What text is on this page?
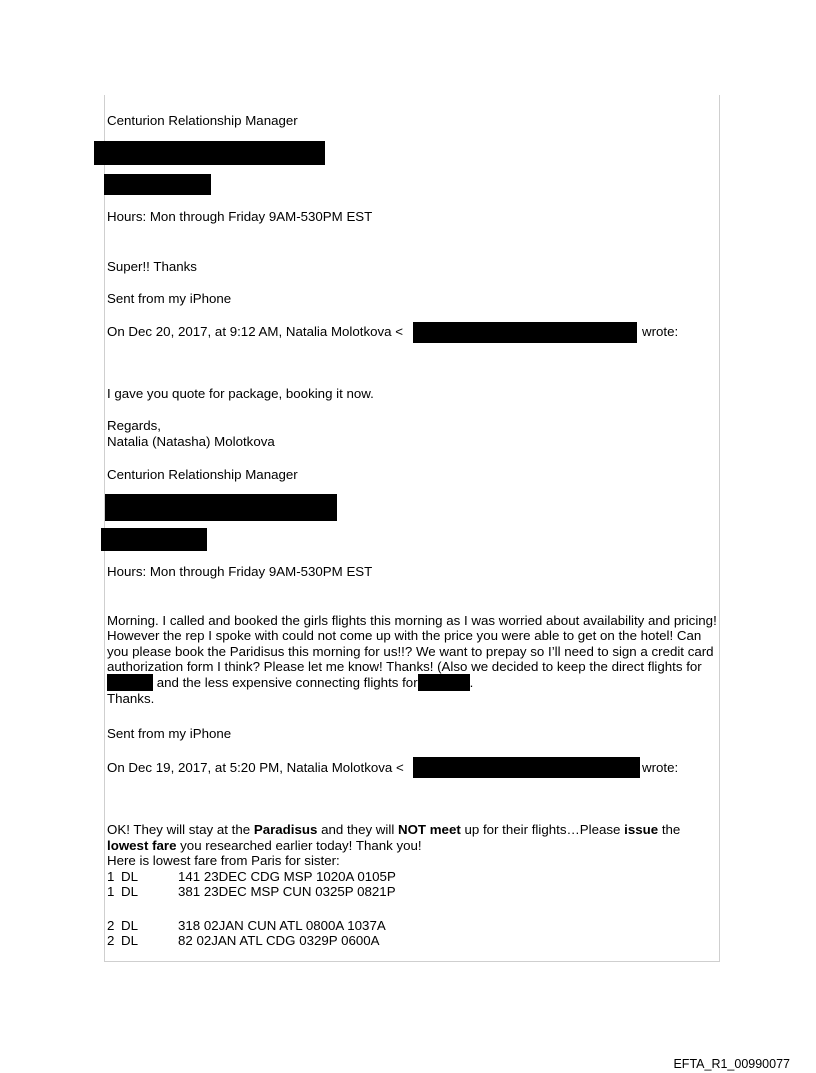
Centurion Relationship Manager
Hours: Mon through Friday 9AM-530PM EST
Super!! Thanks
Sent from my iPhone
On Dec 20, 2017, at 9:12 AM, Natalia Molotkova <	wrote:
I gave you quote for package, booking it now.
Regards,
Natalia (Natasha) Molotkova
Centurion Relationship Manager
Hours: Mon through Friday 9AM-530PM EST
Morning. I called and booked the girls flights this morning as I was worried about availability and pricing! However the rep I spoke with could not come up with the price you were able to get on the hotel! Can you please book the Paridisus this morning for us!!? We want to prepay so I’ll need to sign a credit card authorization form I think? Please let me know! Thanks! (Also we decided to keep the direct flights for and the less expensive connecting flights for	.
Thanks.
Sent from my iPhone
On Dec 19, 2017, at 5:20 PM, Natalia Molotkova <	wrote:
OK! They will stay at the Paradisus and they will NOT meet up for their flights…Please issue the
lowest fare you researched earlier today! Thank you!
Here is lowest fare from Paris for sister:
1 DL	141 23DEC CDG MSP 1020A 0105P
1 DL	381 23DEC MSP CUN 0325P 0821P
2 DL	318 02JAN CUN ATL 0800A 1037A
2 DL	82 02JAN ATL CDG 0329P 0600A
EFTA_R1_00990077
